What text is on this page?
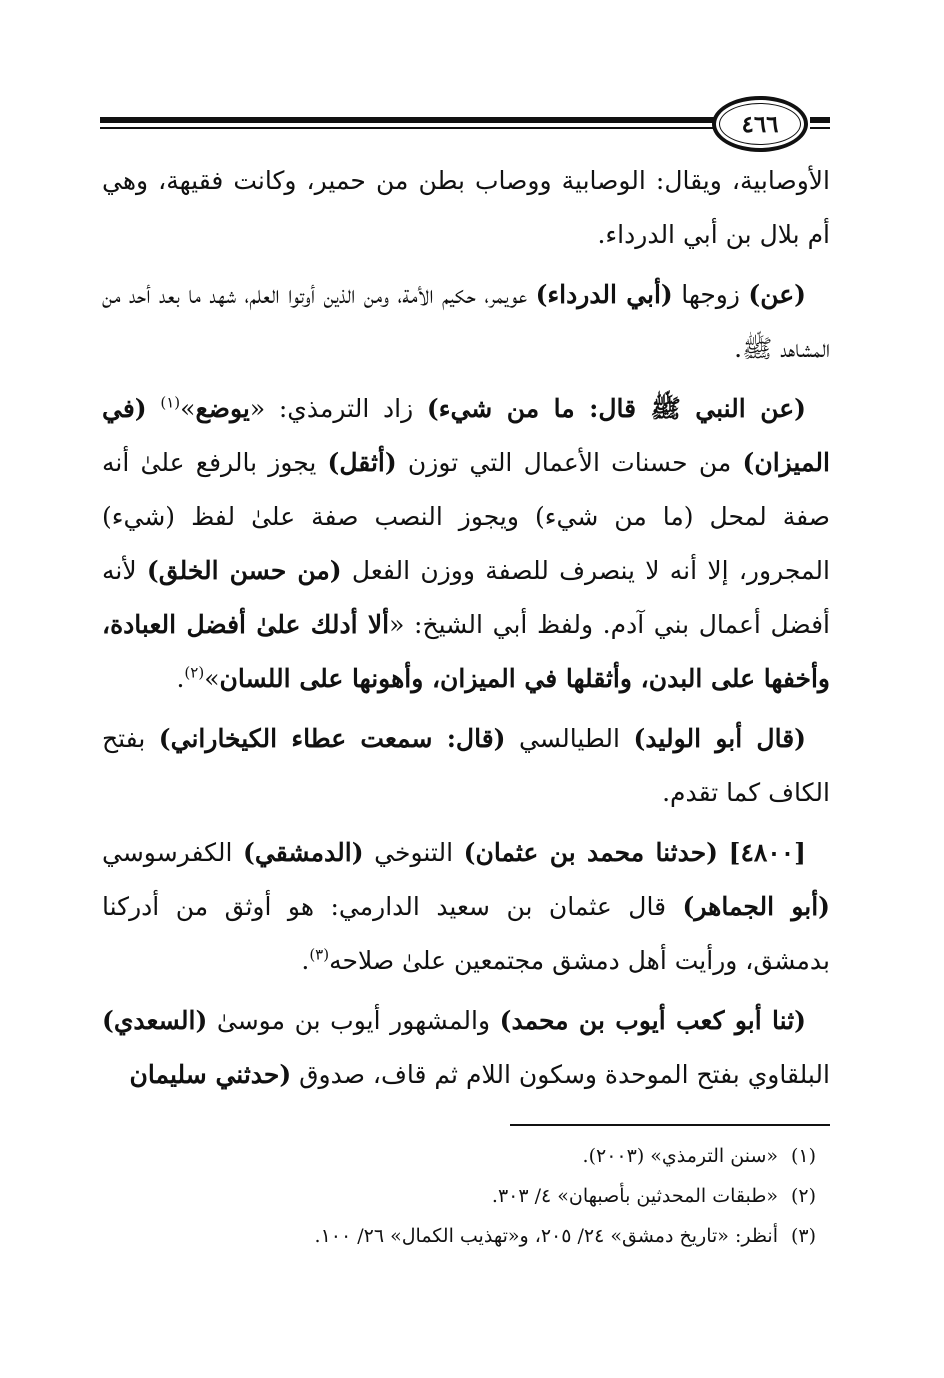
٤٦٦

الأوصابية، ويقال: الوصابية ووصاب بطن من حمير، وكانت فقيهة، وهي أم بلال بن أبي الدرداء.

(عن) زوجها (أبي الدرداء) عويمر، حكيم الأمة، ومن الذين أوتوا العلم، شهد ما بعد أحد من المشاهد ﷺ.

(عن النبي ﷺ قال: ما من شيء) زاد الترمذي: «يوضع»$^{(١)}$ (في الميزان) من حسنات الأعمال التي توزن (أثقل) يجوز بالرفع علىٰ أنه صفة لمحل (ما من شيء) ويجوز النصب صفة علىٰ لفظ (شيء) المجرور، إلا أنه لا ينصرف للصفة ووزن الفعل (من حسن الخلق) لأنه أفضل أعمال بني آدم. ولفظ أبي الشيخ: «ألا أدلك علىٰ أفضل العبادة، وأخفها على البدن، وأثقلها في الميزان، وأهونها على اللسان»$^{(٢)}$.

(قال أبو الوليد) الطيالسي (قال: سمعت عطاء الكيخاراني) بفتح الكاف كما تقدم.

[٤٨٠٠] (حدثنا محمد بن عثمان) التنوخي (الدمشقي) الكفرسوسي (أبو الجماهر) قال عثمان بن سعيد الدارمي: هو أوثق من أدركنا بدمشق، ورأيت أهل دمشق مجتمعين علىٰ صلاحه$^{(٣)}$.

(ثنا أبو كعب أيوب بن محمد) والمشهور أيوب بن موسىٰ (السعدي) البلقاوي بفتح الموحدة وسكون اللام ثم قاف، صدوق (حدثني سليمان

(١)«سنن الترمذي» (٢٠٠٣).
(٢)«طبقات المحدثين بأصبهان» ٤/ ٣٠٣.
(٣)أنظر: «تاريخ دمشق» ٢٤/ ٢٠٥، و«تهذيب الكمال» ٢٦/ ١٠٠.
